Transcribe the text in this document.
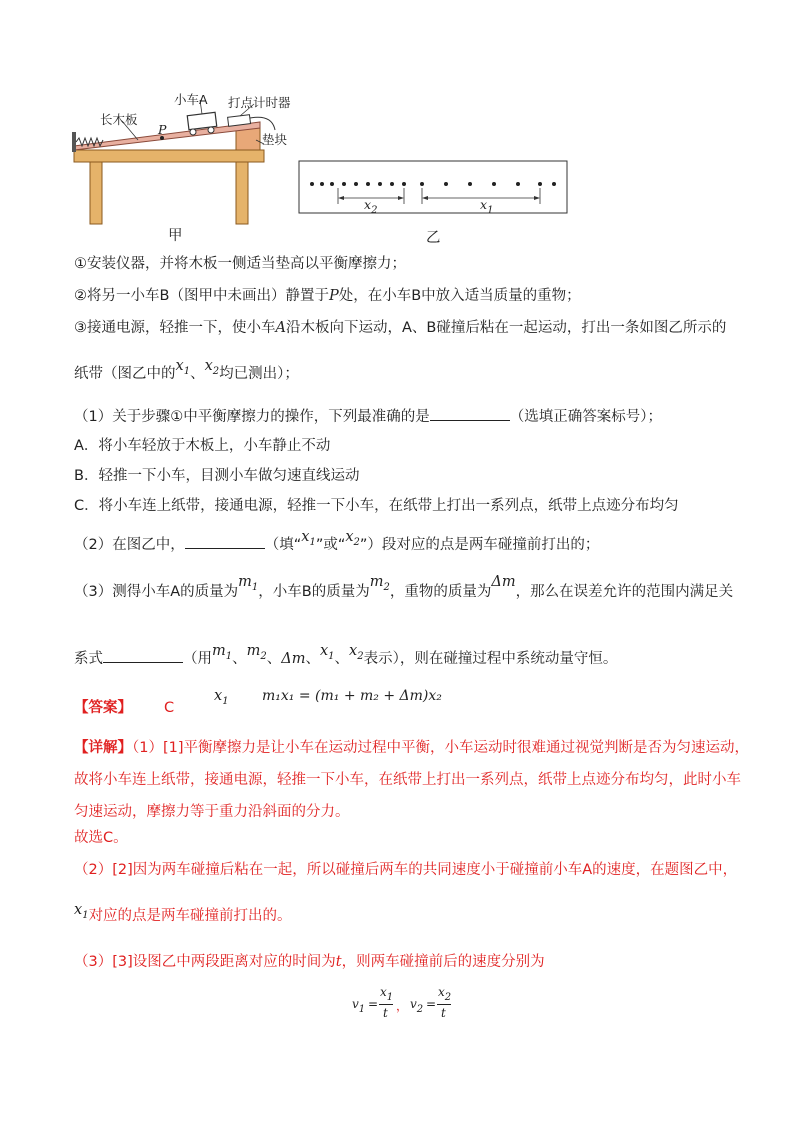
长木板
小车A 打点计时器
P
垫块
甲
$x_2$	$x_1$
乙
①安装仪器，并将木板一侧适当垫高以平衡摩擦力；
②将另一小车B（图甲中未画出）静置于P处，在小车B中放入适当质量的重物；
③接通电源，轻推一下，使小车A沿木板向下运动，A、B碰撞后粘在一起运动，打出一条如图乙所示的
纸带（图乙中的$x_1$、$x_2$均已测出）；
（1）关于步骤①中平衡摩擦力的操作，下列最准确的是	（选填正确答案标号）；
A．将小车轻放于木板上，小车静止不动
B．轻推一下小车，目测小车做匀速直线运动
C．将小车连上纸带，接通电源，轻推一下小车，在纸带上打出一系列点，纸带上点迹分布均匀
（2）在图乙中，	（填“$x_1$”或“$x_2$”）段对应的点是两车碰撞前打出的；
（3）测得小车A的质量为$m_1$，小车B的质量为$m_2$，重物的质量为Δm，那么在误差允许的范围内满足关
系式	（用$m_1$、$m_2$、Δm、$x_1$、$x_2$表示），则在碰撞过程中系统动量守恒。
【答案】 C
$x_1$ m₁x₁ = (m₁ + m₂ + Δm)x₂
【详解】（1）[1]平衡摩擦力是让小车在运动过程中平衡，小车运动时很难通过视觉判断是否为匀速运动，
故将小车连上纸带，接通电源，轻推一下小车，在纸带上打出一系列点，纸带上点迹分布均匀，此时小车
匀速运动，摩擦力等于重力沿斜面的分力。
故选C。
（2）[2]因为两车碰撞后粘在一起，所以碰撞后两车的共同速度小于碰撞前小车A的速度，在题图乙中，
$x_1$对应的点是两车碰撞前打出的。
（3）[3]设图乙中两段距离对应的时间为t，则两车碰撞前后的速度分别为
$v_1$ =
$x_1$
t ， $v_2$ =
$x_2$
t
